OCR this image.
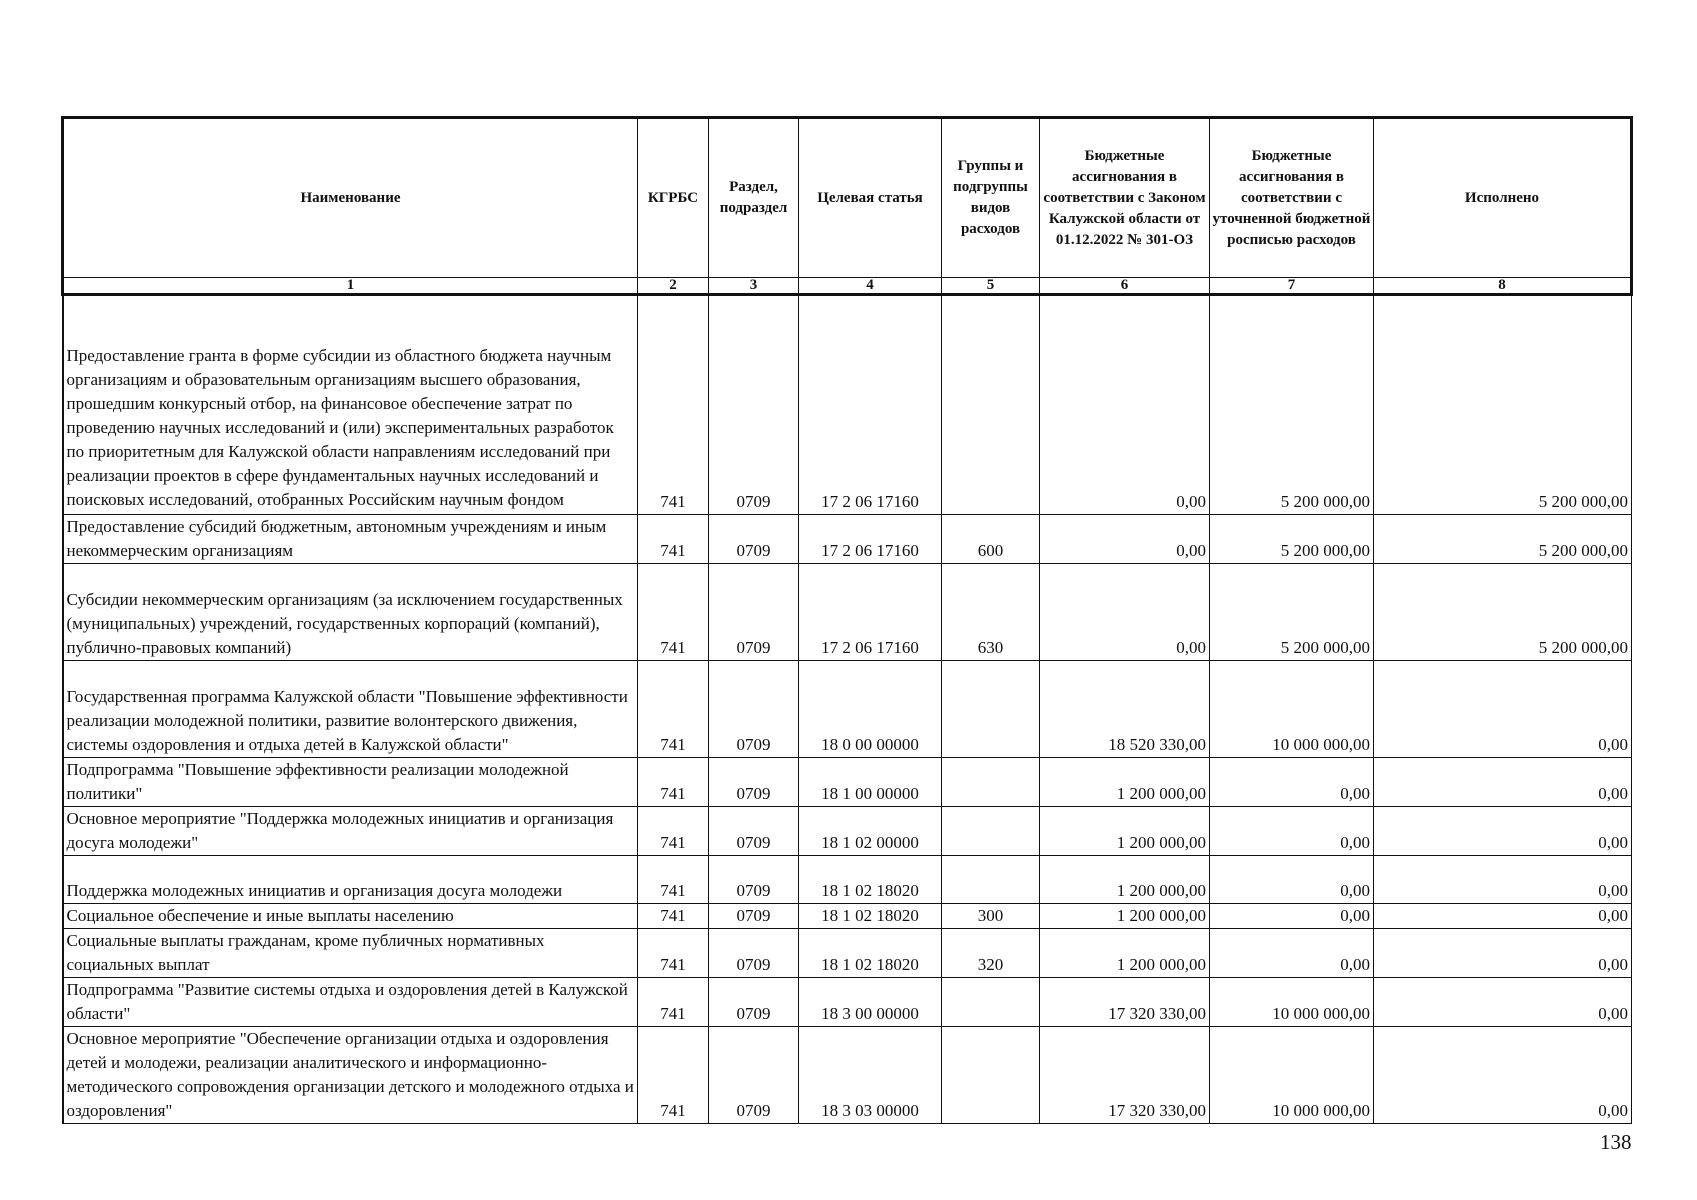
Наименование	КГРБС	Раздел, подраздел	Целевая статья	Группы и подгруппы видов расходов	Бюджетные ассигнования в соответствии с Законом Калужской области от 01.12.2022 № 301-ОЗ	Бюджетные ассигнования в соответствии с уточненной бюджетной росписью расходов	Исполнено
1	2	3	4	5	6	7	8
Предоставление гранта в форме субсидии из областного бюджета научным организациям и образовательным организациям высшего образования, прошедшим конкурсный отбор, на финансовое обеспечение затрат по проведению научных исследований и (или) экспериментальных разработок по приоритетным для Калужской области направлениям исследований при реализации проектов в сфере фундаментальных научных исследований и поисковых исследований, отобранных Российским научным фондом	741	0709	17 2 06 17160		0,00	5 200 000,00	5 200 000,00
Предоставление субсидий бюджетным, автономным учреждениям и иным некоммерческим организациям	741	0709	17 2 06 17160	600	0,00	5 200 000,00	5 200 000,00
Субсидии некоммерческим организациям (за исключением государственных (муниципальных) учреждений, государственных корпораций (компаний), публично-правовых компаний)	741	0709	17 2 06 17160	630	0,00	5 200 000,00	5 200 000,00
Государственная программа Калужской области "Повышение эффективности реализации молодежной политики, развитие волонтерского движения, системы оздоровления и отдыха детей в Калужской области"	741	0709	18 0 00 00000		18 520 330,00	10 000 000,00	0,00
Подпрограмма "Повышение эффективности реализации молодежной политики"	741	0709	18 1 00 00000		1 200 000,00	0,00	0,00
Основное мероприятие "Поддержка молодежных инициатив и организация досуга молодежи"	741	0709	18 1 02 00000		1 200 000,00	0,00	0,00
Поддержка молодежных инициатив и организация досуга молодежи	741	0709	18 1 02 18020		1 200 000,00	0,00	0,00
Социальное обеспечение и иные выплаты населению	741	0709	18 1 02 18020	300	1 200 000,00	0,00	0,00
Социальные выплаты гражданам, кроме публичных нормативных социальных выплат	741	0709	18 1 02 18020	320	1 200 000,00	0,00	0,00
Подпрограмма "Развитие системы отдыха и оздоровления детей в Калужской области"	741	0709	18 3 00 00000		17 320 330,00	10 000 000,00	0,00
Основное мероприятие "Обеспечение организации отдыха и оздоровления детей и молодежи, реализации аналитического и информационно-методического сопровождения организации детского и молодежного отдыха и оздоровления"	741	0709	18 3 03 00000		17 320 330,00	10 000 000,00	0,00
138
